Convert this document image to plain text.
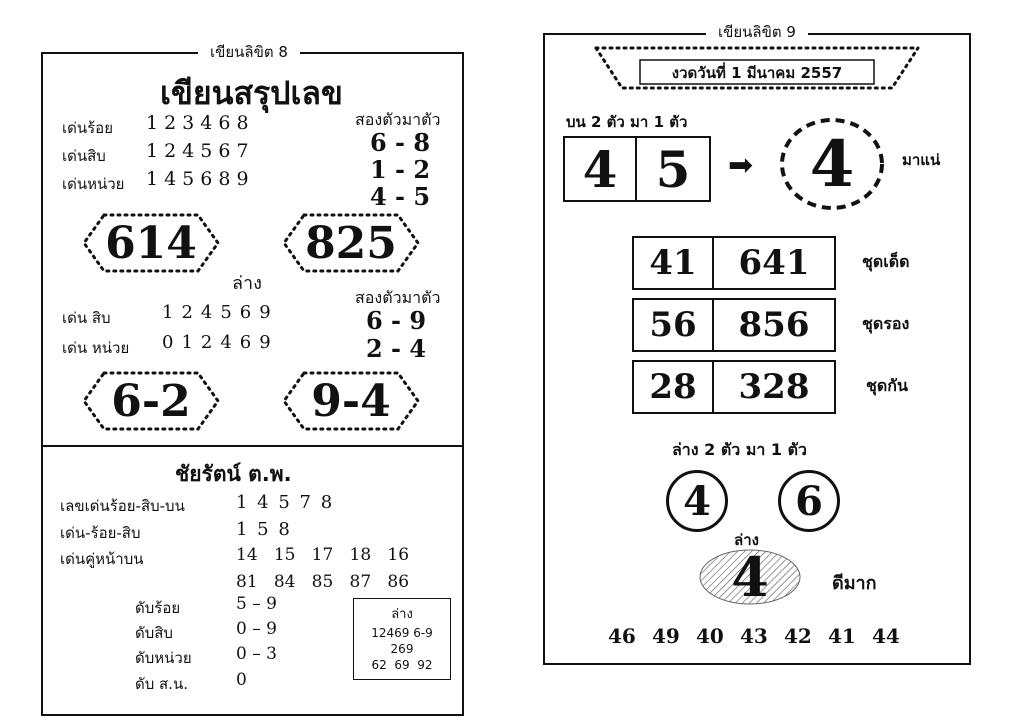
เขียนลิขิต 8
เขียนสรุปเลข
เด่นร้อย 123468
เด่นสิบ 124567
เด่นหน่วย 145689
สองตัวมาตัว
6 - 8
1 - 2
4 - 5
614	825
ล่าง
เด่น สิบ	124569
เด่น หน่วย 012469
สองตัวมาตัว
6 - 9
2 - 4
6-2	9-4
ชัยรัตน์ ต.พ.
เลขเด่นร้อย-สิบ-บน	1 4 5 7 8
เด่น-ร้อย-สิบ	1 5 8
เด่นคู่หน้าบน	14   15   17   18   16
81   84   85   87   86
ดับร้อย	5 – 9
ดับสิบ	0 – 9
ดับหน่วย	0 – 3
ดับ ส.น.	0
ล่าง
12469 6-9
269
62  69  92
เขียนลิขิต 9
งวดวันที่ 1 มีนาคม 2557
บน 2 ตัว มา 1 ตัว
4 5	➡ 4	มาแน่
41	641	ชุดเด็ด
56	856	ชุดรอง
28	328	ชุดกัน
ล่าง 2 ตัว มา 1 ตัว
4	6
ล่าง
4	ดีมาก
46 49 40 43 42 41 44
